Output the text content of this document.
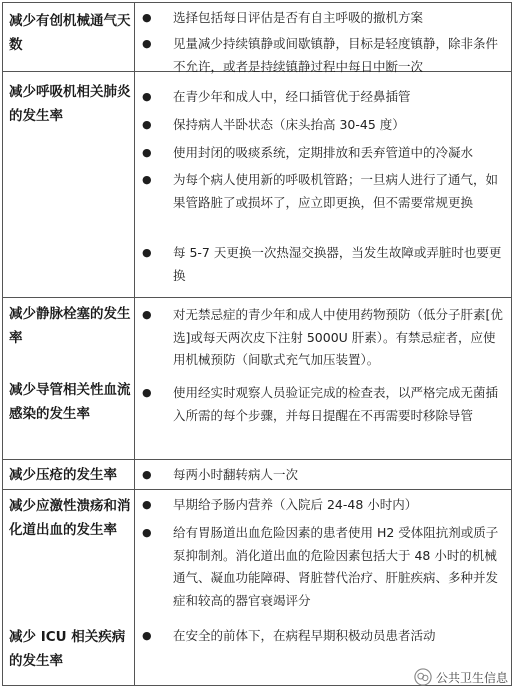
减少有创机械通气天数
● 选择包括每日评估是否有自主呼吸的撤机方案
● 见量减少持续镇静或间歇镇静，目标是轻度镇静，除非条件不允许，或者是持续镇静过程中每日中断一次
减少呼吸机相关肺炎的发生率
● 在青少年和成人中，经口插管优于经鼻插管
● 保持病人半卧状态（床头抬高 30-45 度）
● 使用封闭的吸痰系统，定期排放和丢弃管道中的冷凝水
● 为每个病人使用新的呼吸机管路；一旦病人进行了通气，如果管路脏了或损坏了，应立即更换，但不需要常规更换
● 每 5-7 天更换一次热湿交换器，当发生故障或弄脏时也要更换
减少静脉栓塞的发生率
● 对无禁忌症的青少年和成人中使用药物预防（低分子肝素[优选]或每天两次皮下注射 5000U 肝素）。有禁忌症者，应使用机械预防（间歇式充气加压装置）。
减少导管相关性血流感染的发生率
● 使用经实时观察人员验证完成的检查表，以严格完成无菌插入所需的每个步骤，并每日提醒在不再需要时移除导管
减少压疮的发生率	● 每两小时翻转病人一次
减少应激性溃疡和消化道出血的发生率
● 早期给予肠内营养（入院后 24-48 小时内）
● 给有胃肠道出血危险因素的患者使用 H2 受体阻抗剂或质子泵抑制剂。消化道出血的危险因素包括大于 48 小时的机械通气、凝血功能障碍、肾脏替代治疗、肝脏疾病、多种并发症和较高的器官衰竭评分
减少 ICU 相关疾病的发生率
● 在安全的前体下，在病程早期积极动员患者活动
公共卫生信息
